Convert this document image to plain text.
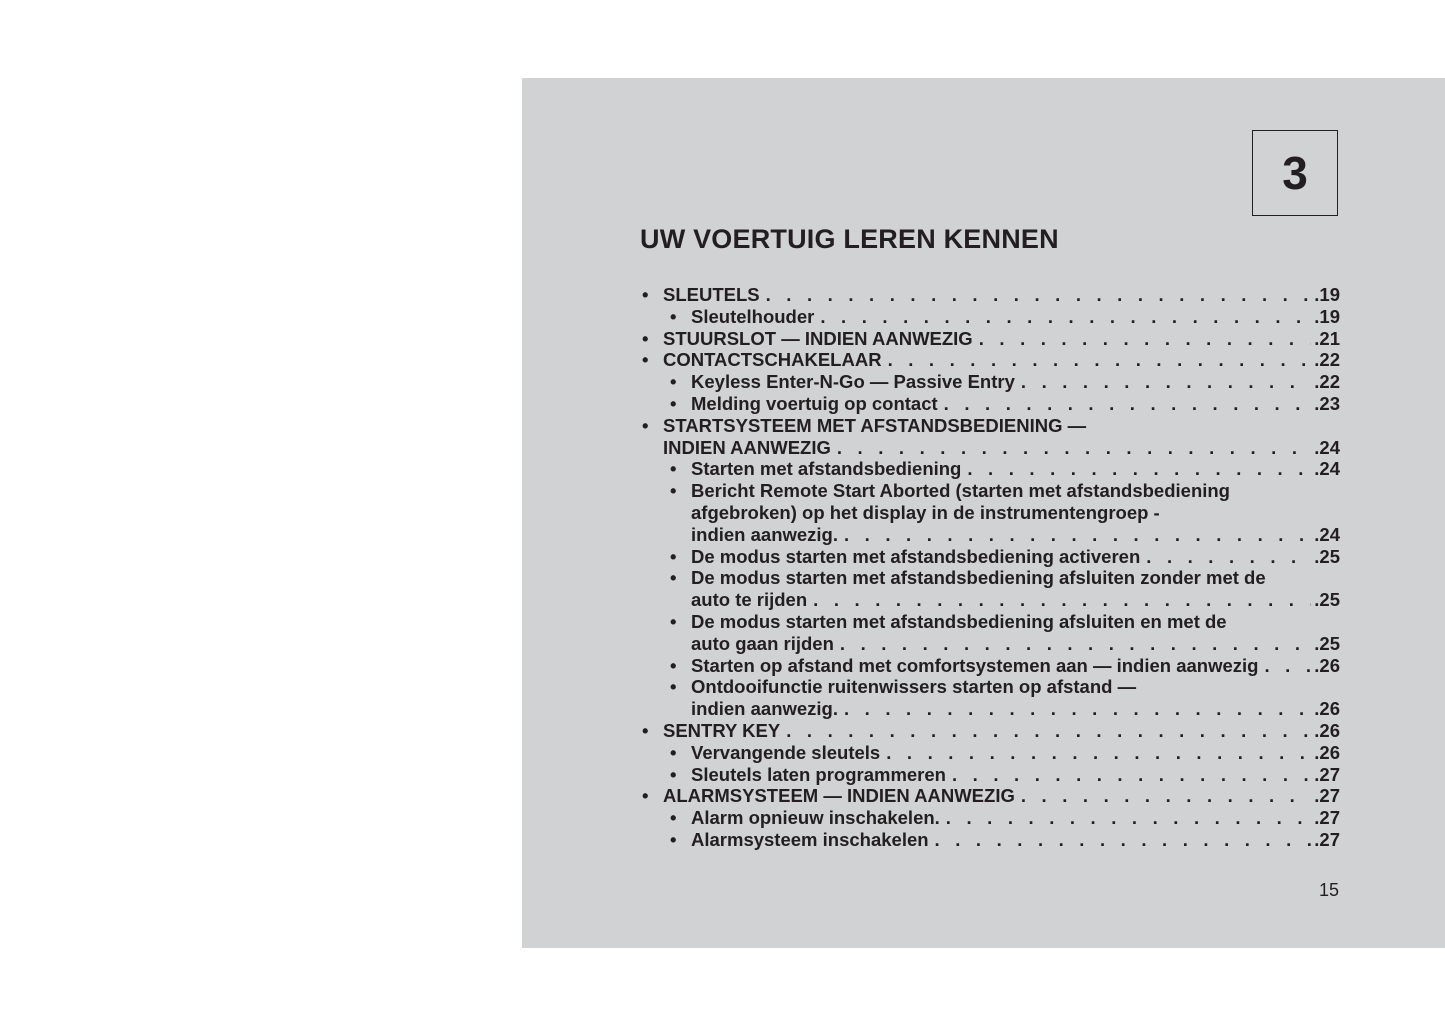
3
UW VOERTUIG LEREN KENNEN
• SLEUTELS . . .	.19
• Sleutelhouder . . .	.19
• STUURSLOT — INDIEN AANWEZIG . . .	.21
• CONTACTSCHAKELAAR . . .	.22
• Keyless Enter-N-Go — Passive Entry . . .	.22
• Melding voertuig op contact . . .	.23
• STARTSYSTEEM MET AFSTANDSBEDIENING —
INDIEN AANWEZIG . . .	.24
• Starten met afstandsbediening . . .	.24
• Bericht Remote Start Aborted (starten met afstandsbediening
afgebroken) op het display in de instrumentengroep -
indien aanwezig. . . .	.24
• De modus starten met afstandsbediening activeren . . .	.25
• De modus starten met afstandsbediening afsluiten zonder met de
auto te rijden . . .	.25
• De modus starten met afstandsbediening afsluiten en met de
auto gaan rijden . . .	.25
• Starten op afstand met comfortsystemen aan — indien aanwezig . . .	.26
• Ontdooifunctie ruitenwissers starten op afstand —
indien aanwezig. . . .	.26
• SENTRY KEY . . .	.26
• Vervangende sleutels . . .	.26
• Sleutels laten programmeren . . .	.27
• ALARMSYSTEEM — INDIEN AANWEZIG . . .	.27
• Alarm opnieuw inschakelen. . . .	.27
• Alarmsysteem inschakelen . . .	.27
15
